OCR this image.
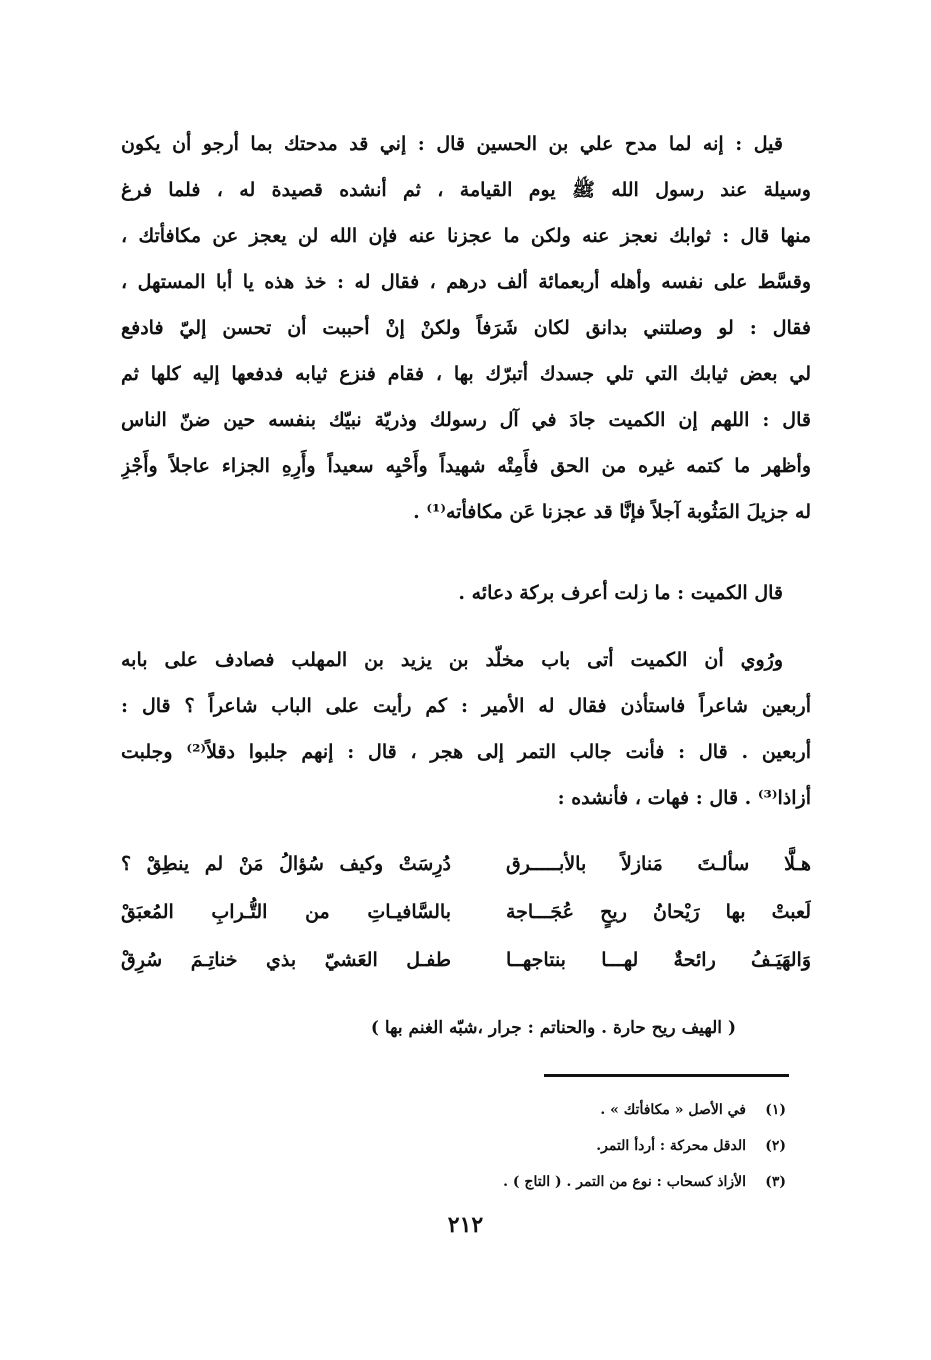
قيل : إنه لما مدح علي بن الحسين قال : إني قد مدحتك بما أرجو أن يكون
وسيلة عند رسول الله ﷺ يوم القيامة ، ثم أنشده قصيدة له ، فلما فرغ
منها قال : ثوابك نعجز عنه ولكن ما عجزنا عنه فإن الله لن يعجز عن مكافأتك ،
وقسَّط على نفسه وأهله أربعمائة ألف درهم ، فقال له : خذ هذه يا أبا المستهل ،
فقال : لو وصلتني بدانق لكان شَرَفاً ولكنْ إنْ أحببت أن تحسن إليّ فادفع
لي بعض ثيابك التي تلي جسدك أتبرّك بها ، فقام فنزع ثيابه فدفعها إليه كلها ثم
قال : اللهم إن الكميت جادَ في آل رسولك وذريّة نبيّك بنفسه حين ضنّ الناس
وأظهر ما كتمه غيره من الحق فأَمِتْه شهيداً وأَحْيِه سعيداً وأَرِهِ الجزاء عاجلاً وأَجْزِ
له جزيلَ المَثُوبة آجلاً فإنَّا قد عجزنا عَن مكافأته⁽¹⁾ .
قال الكميت : ما زلت أعرف بركة دعائه .
ورُوي أن الكميت أتى باب مخلّد بن يزيد بن المهلب فصادف على بابه
أربعين شاعراً فاستأذن فقال له الأمير : كم رأيت على الباب شاعراً ؟ قال :
أربعين . قال : فأنت جالب التمر إلى هجر ، قال : إنهم جلبوا دقلاً⁽²⁾ وجلبت
أزاذا⁽³⁾ . قال : فهات ، فأنشده :
هـلَّا سألـتَ مَنازلاً بالأبـــــرق
دُرِسَتْ وكيف سُؤالُ مَنْ لم ينطِقْ ؟
لَعبتْ بها رَيْحانُ ريحٍ عُجَـــاجة
بالسَّافيـاتِ من التُّـرابِ المُعبَقْ
وَالهَيَـفُ رائحةٌ لهـــا بنتاجهــا
طفـل العَشيّ بذي خناتِـمَ سُرِقْ
( الهيف ريح حارة . والحناتم : جرار ،شبّه الغنم بها )
(١)
في الأصل « مكافأتك » .
(٢)
الدقل محركة : أردأ التمر.
(٣)
الأزاذ كسحاب : نوع من التمر . ( التاج ) .
٢١٢
